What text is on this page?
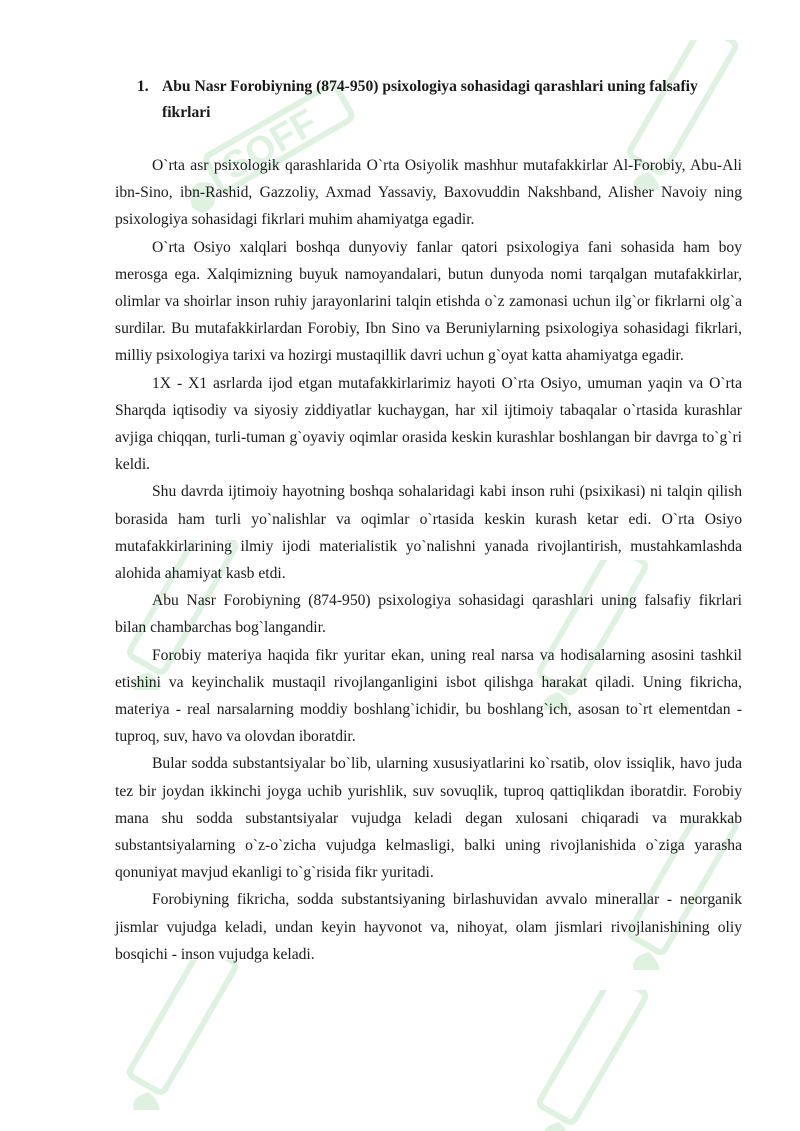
SOFF
1. Abu Nasr Forobiyning (874-950) psixologiya sohasidagi qarashlari uning falsafiy fikrlari

O`rta asr psixologik qarashlarida O`rta Osiyolik mashhur mutafakkirlar Al-Forobiy, Abu-Ali ibn-Sino, ibn-Rashid, Gazzoliy, Axmad Yassaviy, Baxovuddin Nakshband, Alisher Navoiy ning psixologiya sohasidagi fikrlari muhim ahamiyatga egadir.

O`rta Osiyo xalqlari boshqa dunyoviy fanlar qatori psixologiya fani sohasida ham boy merosga ega. Xalqimizning buyuk namoyandalari, butun dunyoda nomi tarqalgan mutafakkirlar, olimlar va shoirlar inson ruhiy jarayonlarini talqin etishda o`z zamonasi uchun ilg`or fikrlarni olg`a surdilar. Bu mutafakkirlardan Forobiy, Ibn Sino va Beruniylarning psixologiya sohasidagi fikrlari, milliy psixologiya tarixi va hozirgi mustaqillik davri uchun g`oyat katta ahamiyatga egadir.

1X - X1 asrlarda ijod etgan mutafakkirlarimiz hayoti O`rta Osiyo, umuman yaqin va O`rta Sharqda iqtisodiy va siyosiy ziddiyatlar kuchaygan, har xil ijtimoiy tabaqalar o`rtasida kurashlar avjiga chiqqan, turli-tuman g`oyaviy oqimlar orasida keskin kurashlar boshlangan bir davrga to`g`ri keldi.

Shu davrda ijtimoiy hayotning boshqa sohalaridagi kabi inson ruhi (psixikasi) ni talqin qilish borasida ham turli yo`nalishlar va oqimlar o`rtasida keskin kurash ketar edi. O`rta Osiyo mutafakkirlarining ilmiy ijodi materialistik yo`nalishni yanada rivojlantirish, mustahkamlashda alohida ahamiyat kasb etdi.

Abu Nasr Forobiyning (874-950) psixologiya sohasidagi qarashlari uning falsafiy fikrlari bilan chambarchas bog`langandir.

Forobiy materiya haqida fikr yuritar ekan, uning real narsa va hodisalarning asosini tashkil etishini va keyinchalik mustaqil rivojlanganligini isbot qilishga harakat qiladi. Uning fikricha, materiya - real narsalarning moddiy boshlang`ichidir, bu boshlang`ich, asosan to`rt elementdan - tuproq, suv, havo va olovdan iboratdir.

Bular sodda substantsiyalar bo`lib, ularning xususiyatlarini ko`rsatib, olov issiqlik, havo juda tez bir joydan ikkinchi joyga uchib yurishlik, suv sovuqlik, tuproq qattiqlikdan iboratdir. Forobiy mana shu sodda substantsiyalar vujudga keladi degan xulosani chiqaradi va murakkab substantsiyalarning o`z-o`zicha vujudga kelmasligi, balki uning rivojlanishida o`ziga yarasha qonuniyat mavjud ekanligi to`g`risida fikr yuritadi.

Forobiyning fikricha, sodda substantsiyaning birlashuvidan avvalo minerallar - neorganik jismlar vujudga keladi, undan keyin hayvonot va, nihoyat, olam jismlari rivojlanishining oliy bosqichi - inson vujudga keladi.
